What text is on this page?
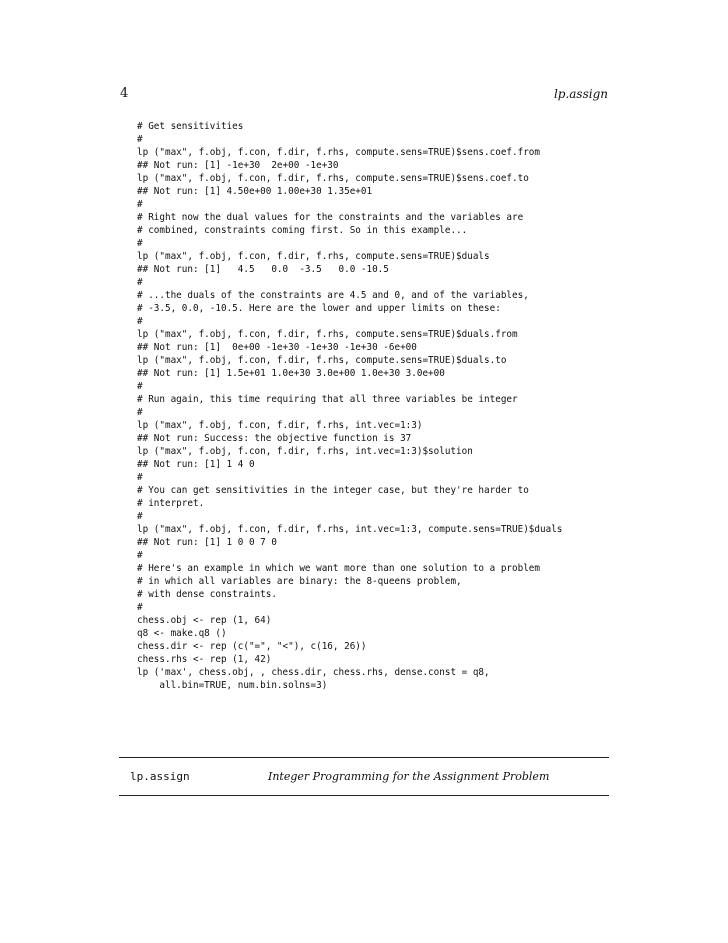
4	lp.assign
# Get sensitivities
#
lp ("max", f.obj, f.con, f.dir, f.rhs, compute.sens=TRUE)$sens.coef.from
## Not run: [1] -1e+30  2e+00 -1e+30
lp ("max", f.obj, f.con, f.dir, f.rhs, compute.sens=TRUE)$sens.coef.to
## Not run: [1] 4.50e+00 1.00e+30 1.35e+01
#
# Right now the dual values for the constraints and the variables are
# combined, constraints coming first. So in this example...
#
lp ("max", f.obj, f.con, f.dir, f.rhs, compute.sens=TRUE)$duals
## Not run: [1]   4.5   0.0  -3.5   0.0 -10.5
#
# ...the duals of the constraints are 4.5 and 0, and of the variables,
# -3.5, 0.0, -10.5. Here are the lower and upper limits on these:
#
lp ("max", f.obj, f.con, f.dir, f.rhs, compute.sens=TRUE)$duals.from
## Not run: [1]  0e+00 -1e+30 -1e+30 -1e+30 -6e+00
lp ("max", f.obj, f.con, f.dir, f.rhs, compute.sens=TRUE)$duals.to
## Not run: [1] 1.5e+01 1.0e+30 3.0e+00 1.0e+30 3.0e+00
#
# Run again, this time requiring that all three variables be integer
#
lp ("max", f.obj, f.con, f.dir, f.rhs, int.vec=1:3)
## Not run: Success: the objective function is 37
lp ("max", f.obj, f.con, f.dir, f.rhs, int.vec=1:3)$solution
## Not run: [1] 1 4 0
#
# You can get sensitivities in the integer case, but they're harder to
# interpret.
#
lp ("max", f.obj, f.con, f.dir, f.rhs, int.vec=1:3, compute.sens=TRUE)$duals
## Not run: [1] 1 0 0 7 0
#
# Here's an example in which we want more than one solution to a problem
# in which all variables are binary: the 8-queens problem,
# with dense constraints.
#
chess.obj <- rep (1, 64)
q8 <- make.q8 ()
chess.dir <- rep (c("=", "<"), c(16, 26))
chess.rhs <- rep (1, 42)
lp ('max', chess.obj, , chess.dir, chess.rhs, dense.const = q8,
all.bin=TRUE, num.bin.solns=3)
lp.assign	Integer Programming for the Assignment Problem
